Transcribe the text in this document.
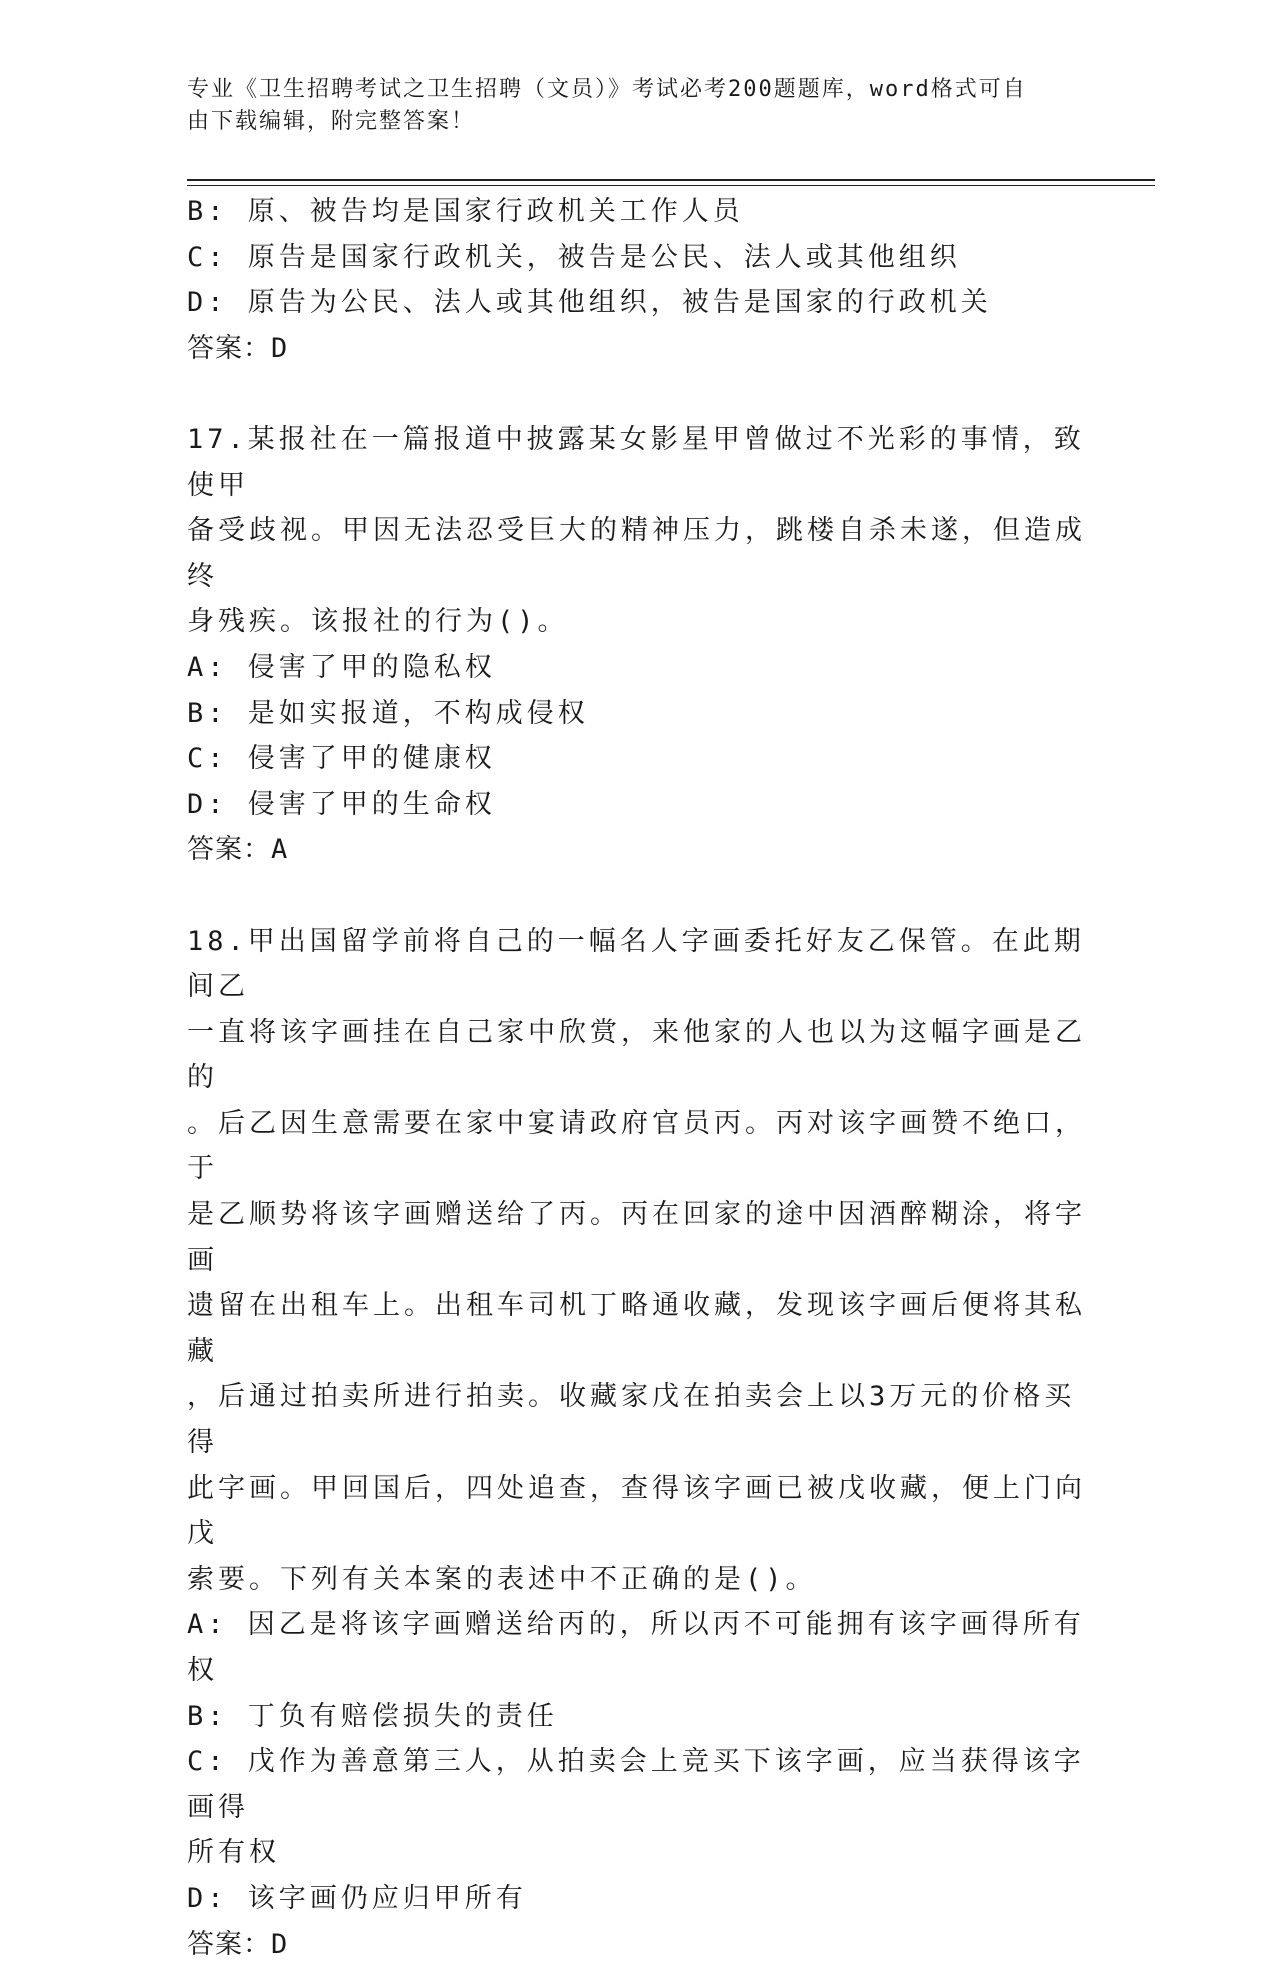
专业《卫生招聘考试之卫生招聘（文员）》考试必考200题题库，word格式可自

由下载编辑，附完整答案！

B: 原、被告均是国家行政机关工作人员

C: 原告是国家行政机关，被告是公民、法人或其他组织

D: 原告为公民、法人或其他组织，被告是国家的行政机关

答案：D

17.某报社在一篇报道中披露某女影星甲曾做过不光彩的事情，致使甲

备受歧视。甲因无法忍受巨大的精神压力，跳楼自杀未遂，但造成终

身残疾。该报社的行为()。

A: 侵害了甲的隐私权

B: 是如实报道，不构成侵权

C: 侵害了甲的健康权

D: 侵害了甲的生命权

答案：A

18.甲出国留学前将自己的一幅名人字画委托好友乙保管。在此期间乙

一直将该字画挂在自己家中欣赏，来他家的人也以为这幅字画是乙的

。后乙因生意需要在家中宴请政府官员丙。丙对该字画赞不绝口，于

是乙顺势将该字画赠送给了丙。丙在回家的途中因酒醉糊涂，将字画

遗留在出租车上。出租车司机丁略通收藏，发现该字画后便将其私藏

，后通过拍卖所进行拍卖。收藏家戊在拍卖会上以3万元的价格买得

此字画。甲回国后，四处追查，查得该字画已被戊收藏，便上门向戊

索要。下列有关本案的表述中不正确的是()。

A: 因乙是将该字画赠送给丙的，所以丙不可能拥有该字画得所有权

B: 丁负有赔偿损失的责任

C: 戊作为善意第三人，从拍卖会上竞买下该字画，应当获得该字画得

所有权

D: 该字画仍应归甲所有

答案：D
